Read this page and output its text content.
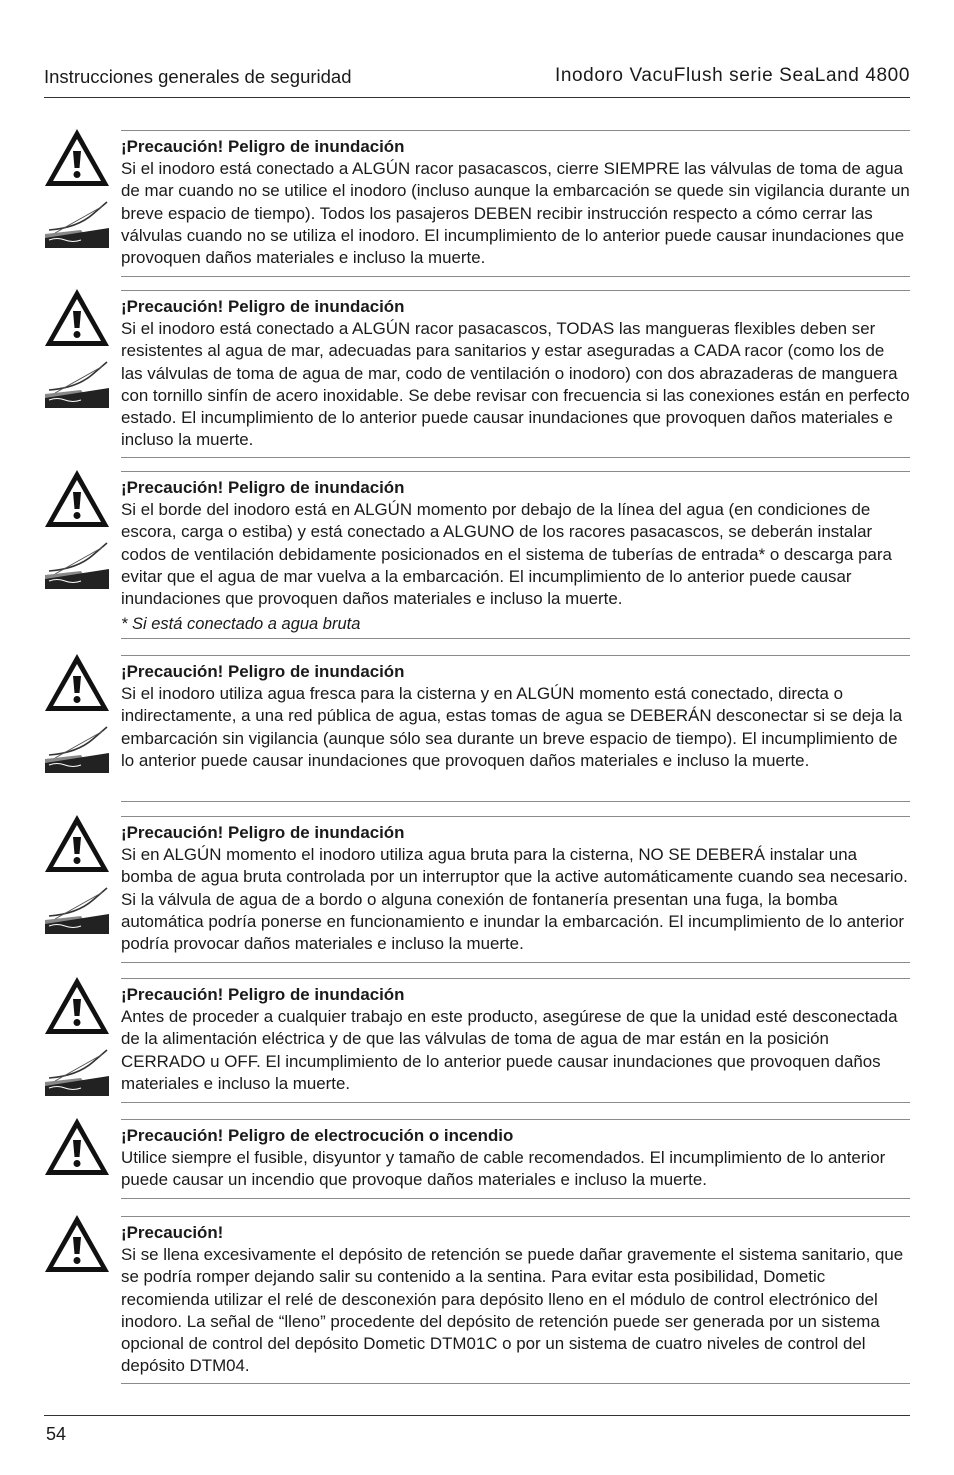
Instrucciones generales de seguridad	Inodoro VacuFlush serie SeaLand 4800
¡Precaución! Peligro de inundación
Si el inodoro está conectado a ALGÚN racor pasacascos, cierre SIEMPRE las válvulas de toma de agua de mar cuando no se utilice el inodoro (incluso aunque la embarcación se quede sin vigilancia durante un breve espacio de tiempo). Todos los pasajeros DEBEN recibir instrucción respecto a cómo cerrar las válvulas cuando no se utiliza el inodoro. El incumplimiento de lo anterior puede causar inundaciones que provoquen daños materiales e incluso la muerte.
¡Precaución! Peligro de inundación
Si el inodoro está conectado a ALGÚN racor pasacascos, TODAS las mangueras flexibles deben ser resistentes al agua de mar, adecuadas para sanitarios y estar aseguradas a CADA racor (como los de las válvulas de toma de agua de mar, codo de ventilación o inodoro) con dos abrazaderas de manguera con tornillo sinfín de acero inoxidable. Se debe revisar con frecuencia si las conexiones están en perfecto estado. El incumplimiento de lo anterior puede causar inundaciones que provoquen daños materiales e incluso la muerte.
¡Precaución! Peligro de inundación
Si el borde del inodoro está en ALGÚN momento por debajo de la línea del agua (en condiciones de escora, carga o estiba) y está conectado a ALGUNO de los racores pasacascos, se deberán instalar codos de ventilación debidamente posicionados en el sistema de tuberías de entrada* o descarga para evitar que el agua de mar vuelva a la embarcación. El incumplimiento de lo anterior puede causar inundaciones que provoquen daños materiales e incluso la muerte.
* Si está conectado a agua bruta
¡Precaución! Peligro de inundación
Si el inodoro utiliza agua fresca para la cisterna y en ALGÚN momento está conectado, directa o indirectamente, a una red pública de agua, estas tomas de agua se DEBERÁN desconectar si se deja la embarcación sin vigilancia (aunque sólo sea durante un breve espacio de tiempo). El incumplimiento de lo anterior puede causar inundaciones que provoquen daños materiales e incluso la muerte.
¡Precaución! Peligro de inundación
Si en ALGÚN momento el inodoro utiliza agua bruta para la cisterna, NO SE DEBERÁ instalar una bomba de agua bruta controlada por un interruptor que la active automáticamente cuando sea necesario. Si la válvula de agua de a bordo o alguna conexión de fontanería presentan una fuga, la bomba automática podría ponerse en funcionamiento e inundar la embarcación. El incumplimiento de lo anterior podría provocar daños materiales e incluso la muerte.
¡Precaución! Peligro de inundación
Antes de proceder a cualquier trabajo en este producto, asegúrese de que la unidad esté desconectada de la alimentación eléctrica y de que las válvulas de toma de agua de mar están en la posición CERRADO u OFF. El incumplimiento de lo anterior puede causar inundaciones que provoquen daños materiales e incluso la muerte.
¡Precaución! Peligro de electrocución o incendio
Utilice siempre el fusible, disyuntor y tamaño de cable recomendados. El incumplimiento de lo anterior puede causar un incendio que provoque daños materiales e incluso la muerte.
¡Precaución!
Si se llena excesivamente el depósito de retención se puede dañar gravemente el sistema sanitario, que se podría romper dejando salir su contenido a la sentina. Para evitar esta posibilidad, Dometic recomienda utilizar el relé de desconexión para depósito lleno en el módulo de control electrónico del inodoro. La señal de “lleno” procedente del depósito de retención puede ser generada por un sistema opcional de control del depósito Dometic DTM01C o por un sistema de cuatro niveles de control del depósito DTM04.
54
